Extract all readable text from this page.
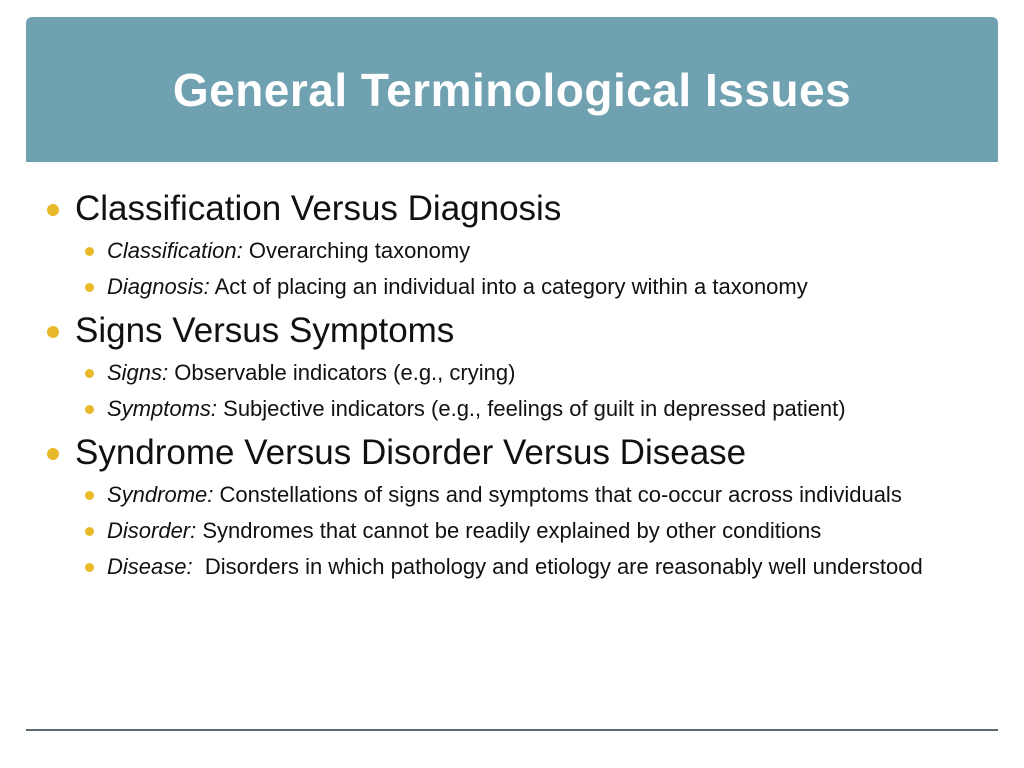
General Terminological Issues
Classification Versus Diagnosis
Classification: Overarching taxonomy
Diagnosis: Act of placing an individual into a category within a taxonomy
Signs Versus Symptoms
Signs: Observable indicators (e.g., crying)
Symptoms: Subjective indicators (e.g., feelings of guilt in depressed patient)
Syndrome Versus Disorder Versus Disease
Syndrome: Constellations of signs and symptoms that co-occur across individuals
Disorder: Syndromes that cannot be readily explained by other conditions
Disease:  Disorders in which pathology and etiology are reasonably well understood
